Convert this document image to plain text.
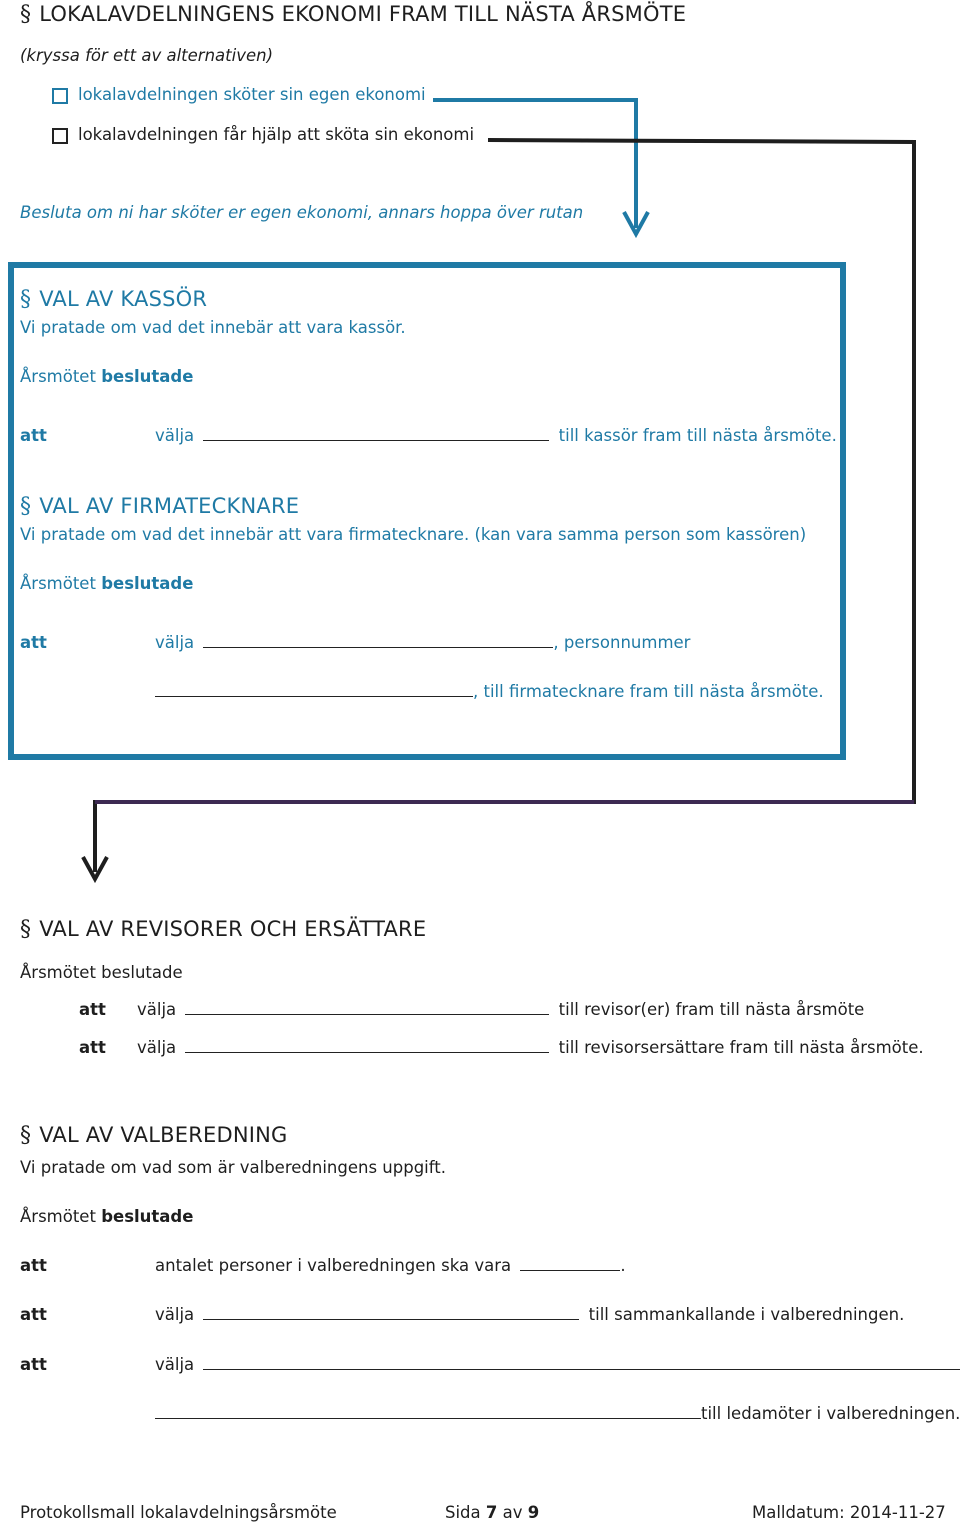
§ LOKALAVDELNINGENS EKONOMI FRAM TILL NÄSTA ÅRSMÖTE
(kryssa för ett av alternativen)
lokalavdelningen sköter sin egen ekonomi
lokalavdelningen får hjälp att sköta sin ekonomi
Besluta om ni har sköter er egen ekonomi, annars hoppa över rutan
§ VAL AV KASSÖR
Vi pratade om vad det innebär att vara kassör.
Årsmötet beslutade
att	välja	till kassör fram till nästa årsmöte.
§ VAL AV FIRMATECKNARE
Vi pratade om vad det innebär att vara firmatecknare. (kan vara samma person som kassören)
Årsmötet beslutade
att	välja	, personnummer
, till firmatecknare fram till nästa årsmöte.
§ VAL AV REVISORER OCH ERSÄTTARE
Årsmötet beslutade
att välja	till revisor(er) fram till nästa årsmöte
att välja	till revisorsersättare fram till nästa årsmöte.
§ VAL AV VALBEREDNING
Vi pratade om vad som är valberedningens uppgift.
Årsmötet beslutade
att	antalet personer i valberedningen ska vara	.
att	välja	till sammankallande i valberedningen.
att	välja
till ledamöter i valberedningen.
Protokollsmall lokalavdelningsårsmöte	Sida 7 av 9	Malldatum: 2014-11-27
